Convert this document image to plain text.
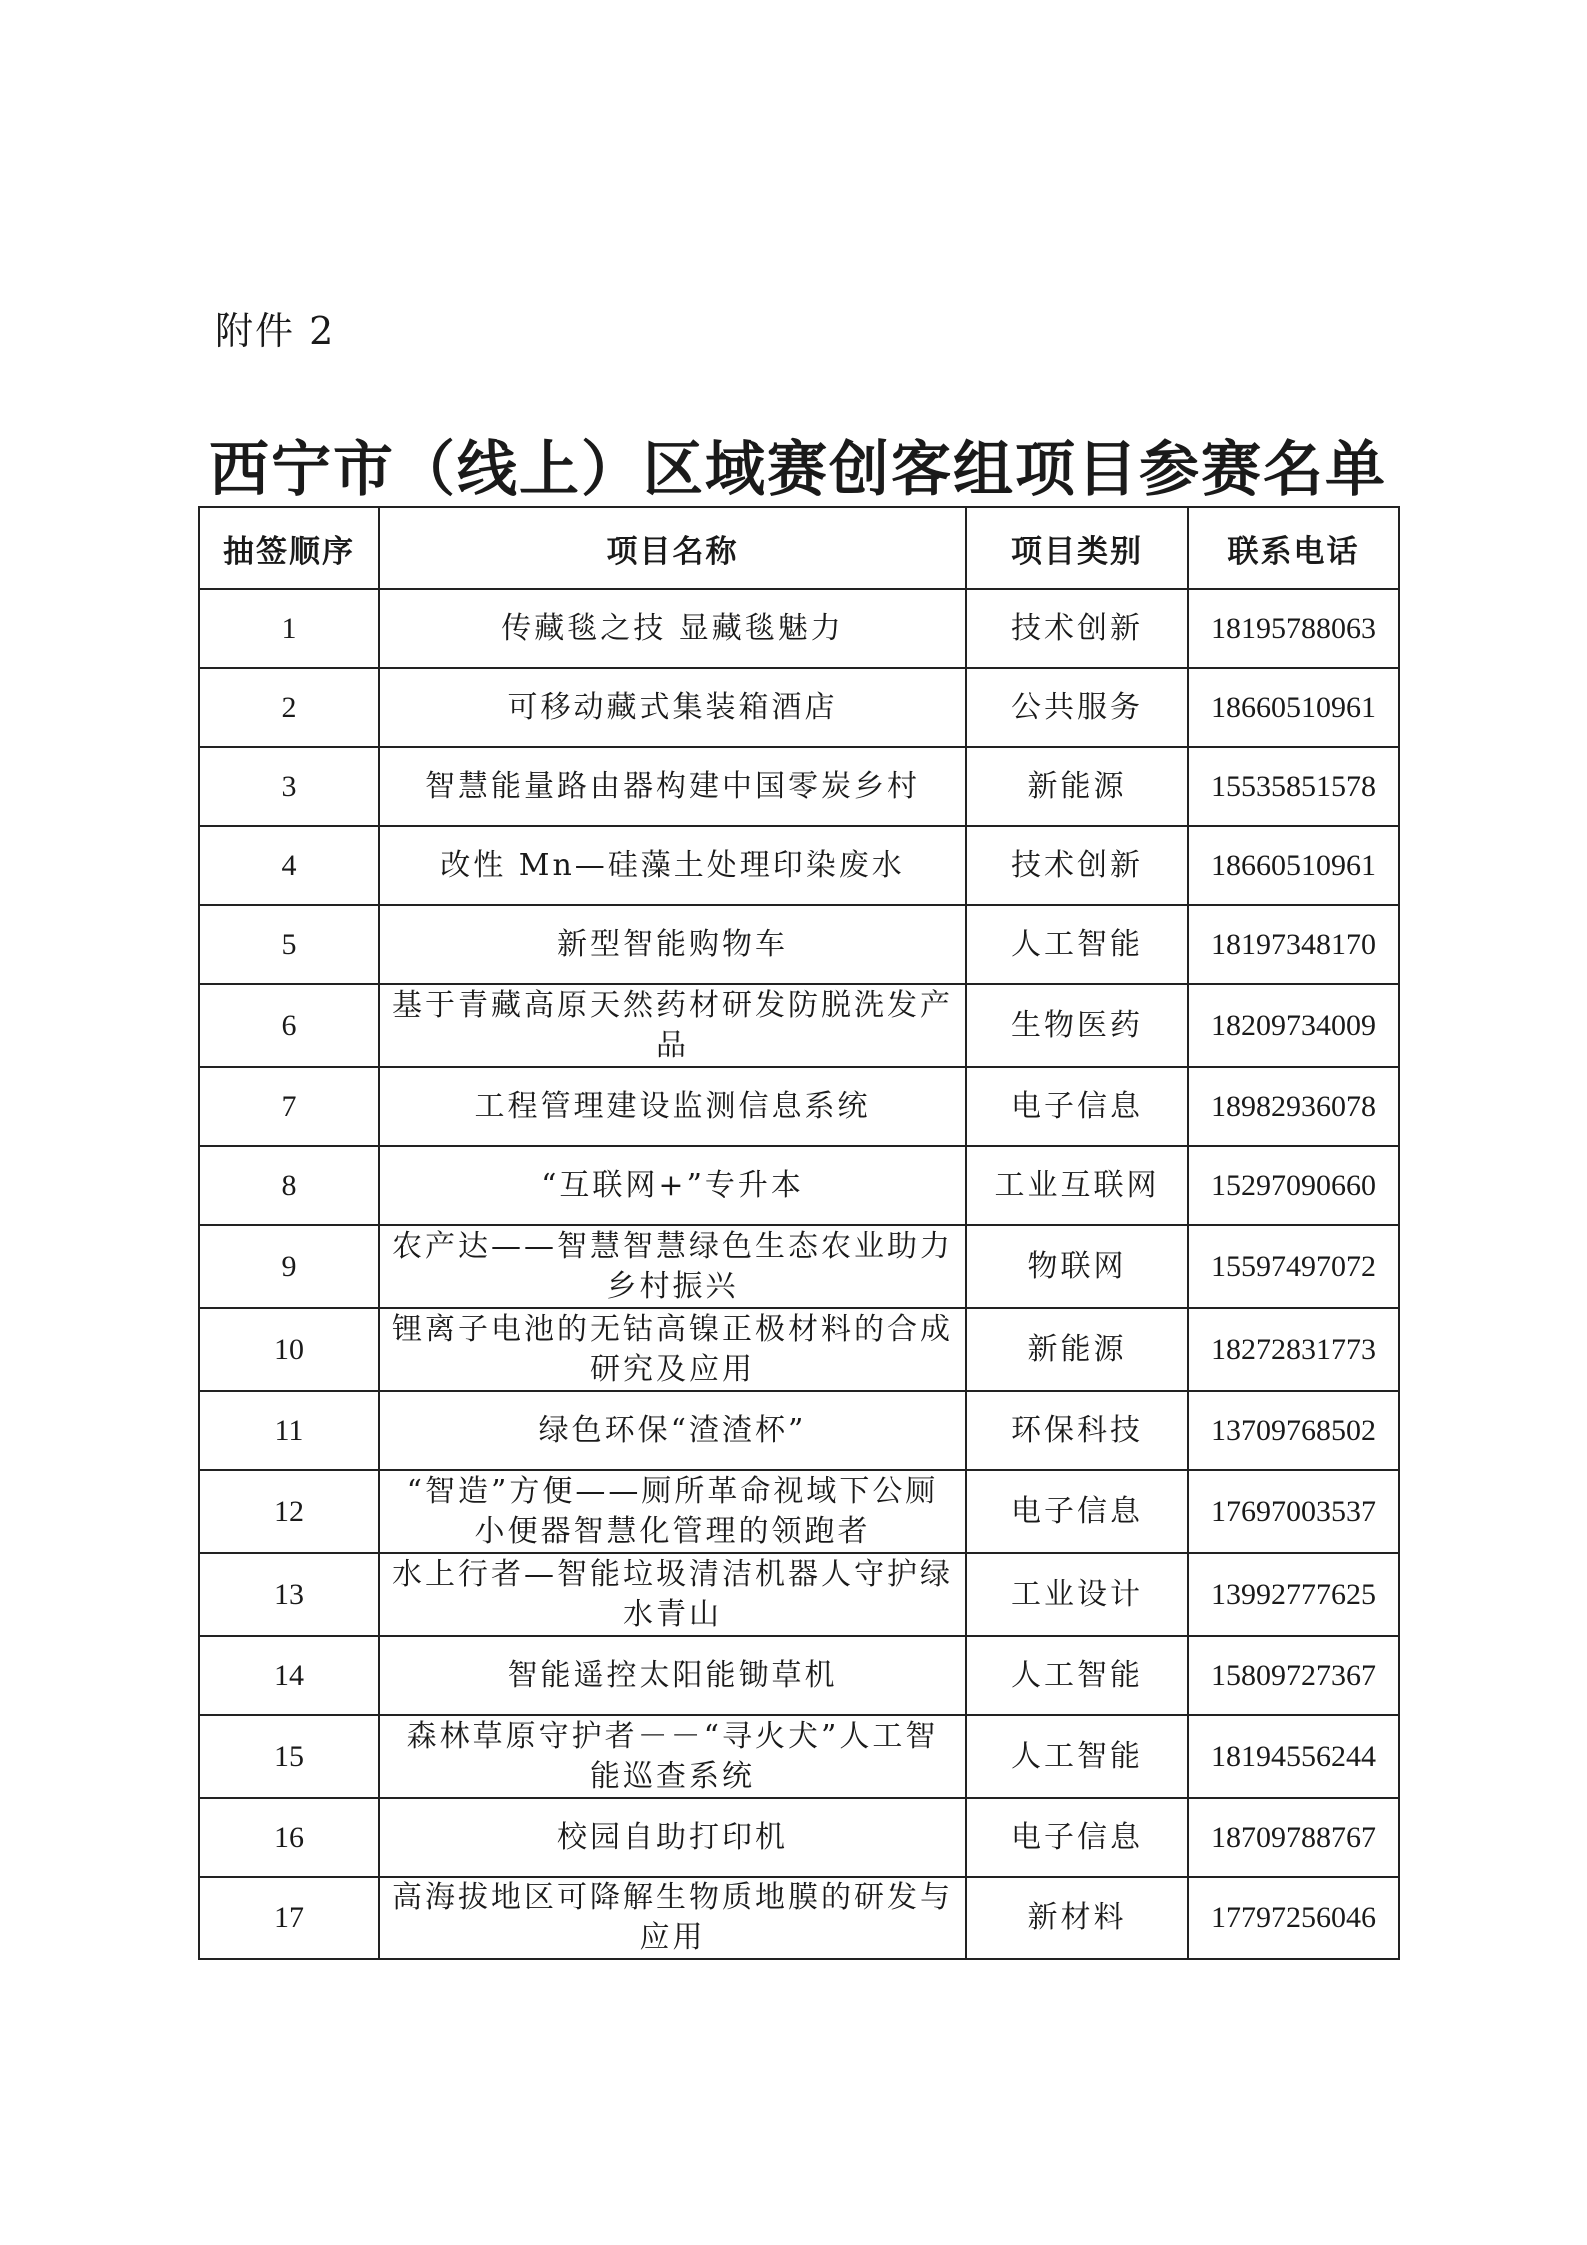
附件 2
西宁市（线上）区域赛创客组项目参赛名单
抽签顺序	项目名称	项目类别	联系电话
1	传藏毯之技 显藏毯魅力	技术创新	18195788063
2	可移动藏式集装箱酒店	公共服务	18660510961
3	智慧能量路由器构建中国零炭乡村	新能源	15535851578
4	改性 Mn—硅藻土处理印染废水	技术创新	18660510961
5	新型智能购物车	人工智能	18197348170
6	基于青藏高原天然药材研发防脱洗发产品	生物医药	18209734009
7	工程管理建设监测信息系统	电子信息	18982936078
8	“互联网+”专升本	工业互联网	15297090660
9	农产达——智慧智慧绿色生态农业助力乡村振兴	物联网	15597497072
10	锂离子电池的无钴高镍正极材料的合成研究及应用	新能源	18272831773
11	绿色环保“渣渣杯”	环保科技	13709768502
12	“智造”方便——厕所革命视域下公厕小便器智慧化管理的领跑者	电子信息	17697003537
13	水上行者—智能垃圾清洁机器人守护绿水青山	工业设计	13992777625
14	智能遥控太阳能锄草机	人工智能	15809727367
15	森林草原守护者－－“寻火犬”人工智能巡查系统	人工智能	18194556244
16	校园自助打印机	电子信息	18709788767
17	高海拔地区可降解生物质地膜的研发与应用	新材料	17797256046
